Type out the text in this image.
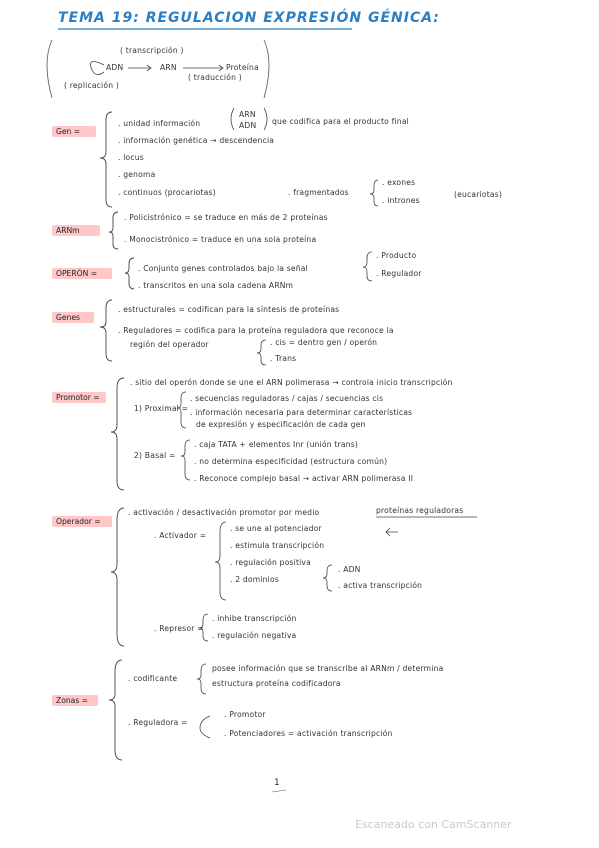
TEMA 19: REGULACION EXPRESIÓN GÉNICA:
( transcripción )
ADN	ARN	Proteína
( traducción )
( replicación )
Gen =
. unidad información
ARN
ADN que codifica para el producto final
. información genética → descendencia
. locus
. genoma
. continuos (procariotas)	. fragmentados
. exones
. intrones
(eucariotas)
ARNm
. Policistrónico = se traduce en más de 2 proteínas
. Monocistrónico = traduce en una sola proteína
OPERÓN =
. Conjunto genes controlados bajo la señal
. transcritos en una sola cadena ARNm
. Producto
. Regulador
Genes
. estructurales = codifican para la síntesis de proteínas
. Reguladores = codifica para la proteína reguladora que reconoce la
región del operador	. cis = dentro gen / operón
. Trans
Promotor =
. sitio del operón donde se une el ARN polimerasa → controla inicio transcripción
1) Proximal =
. secuencias reguladoras / cajas / secuencias cis
. información necesaria para determinar características
de expresión y especificación de cada gen
2) Basal =
. caja TATA + elementos Inr (unión trans)
. no determina especificidad (estructura común)
. Reconoce complejo basal → activar ARN polimerasa II
Operador =
. activación / desactivación promotor por medio	proteínas reguladoras
. Activador =
. se une al potenciador
. estimula transcripción
. regulación positiva
. 2 dominios
. ADN
. activa transcripción
. Represor =
. inhibe transcripción
. regulación negativa
Zonas =
. codificante
posee información que se transcribe al ARNm / determina
estructura proteína codificadora
. Reguladora =
. Promotor
. Potenciadores = activación transcripción
1
Escaneado con CamScanner
